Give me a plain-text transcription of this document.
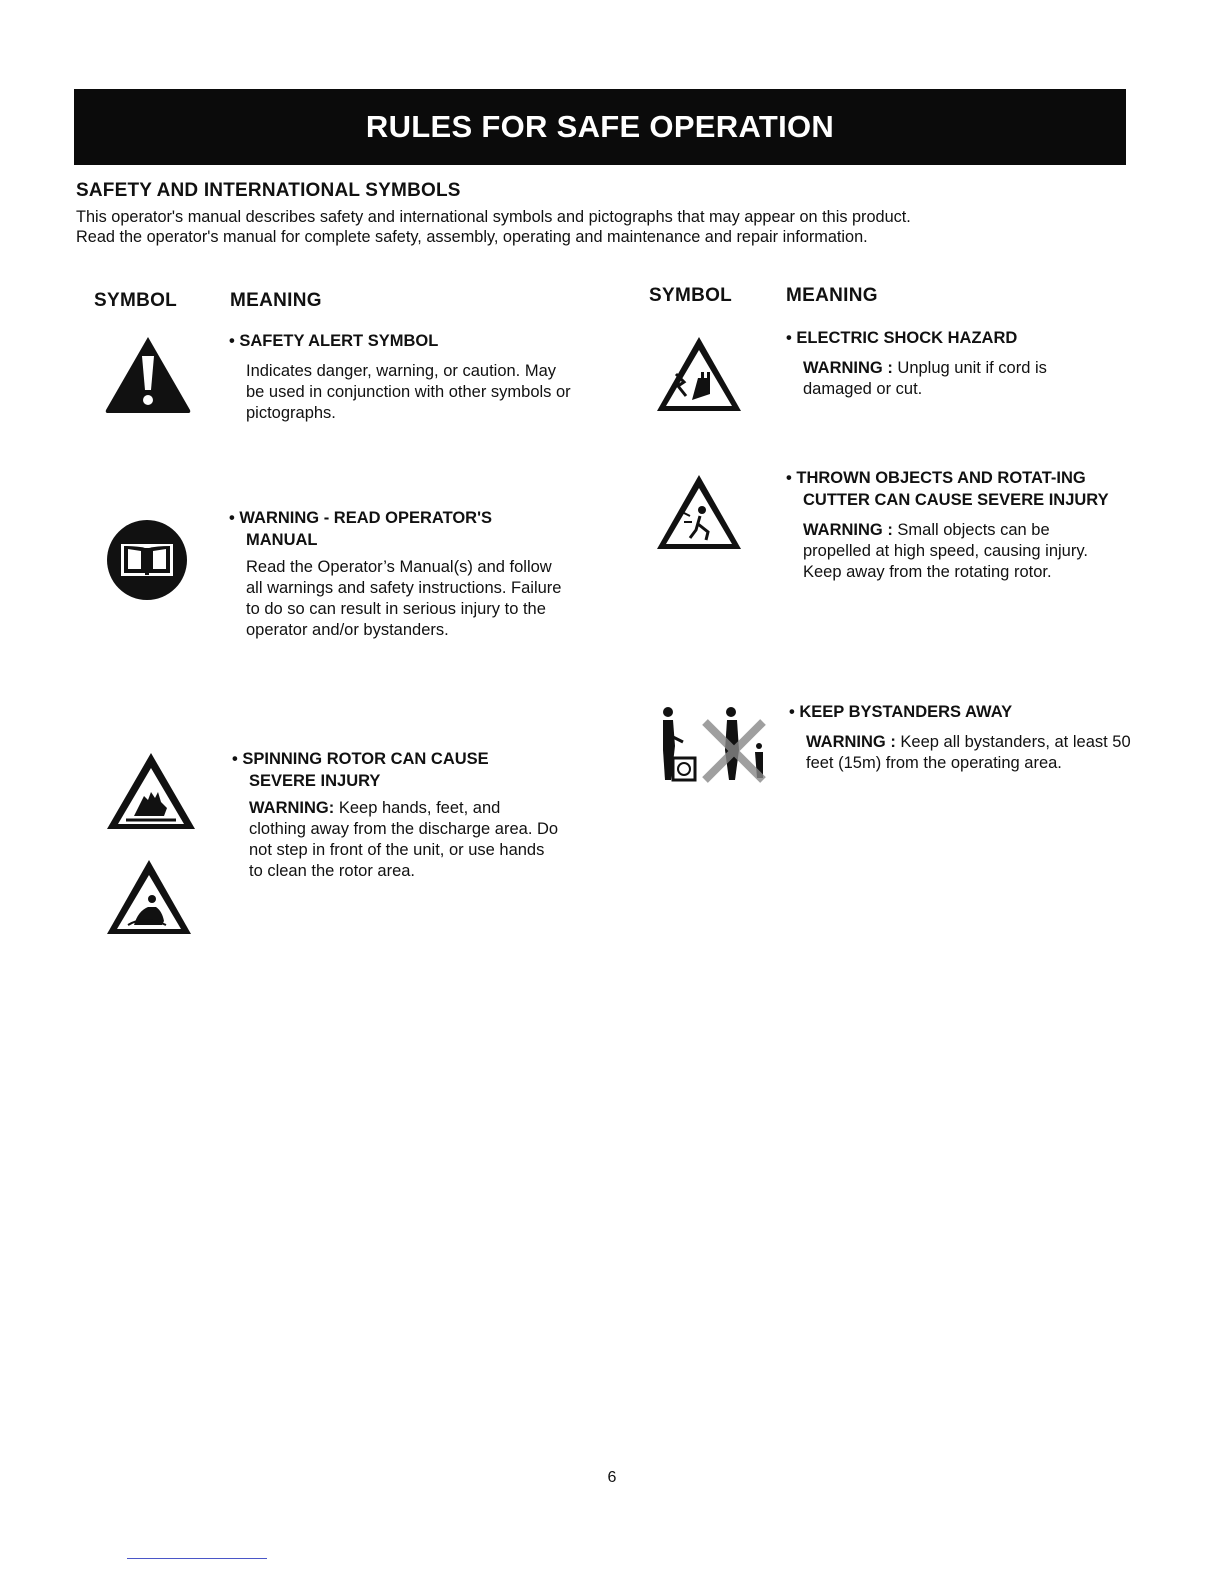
RULES FOR SAFE OPERATION
SAFETY AND INTERNATIONAL SYMBOLS

This operator's manual describes safety and international symbols and pictographs that may appear on this product.

Read the operator's manual for complete safety, assembly, operating and maintenance and repair information.

SYMBOL	MEANING	SYMBOL	MEANING

• SAFETY ALERT SYMBOL

Indicates danger, warning, or caution. May be used in conjunction with other symbols or pictographs.

• WARNING - READ OPERATOR'S MANUAL

Read the Operator’s Manual(s) and follow all warnings and safety instructions. Failure to do so can result in serious injury to the operator and/or bystanders.

• SPINNING ROTOR CAN CAUSE SEVERE INJURY

WARNING: Keep hands, feet, and clothing away from the discharge area. Do not step in front of the unit, or use hands to clean the rotor area.

• ELECTRIC SHOCK HAZARD

WARNING : Unplug unit if cord is damaged or cut.

• THROWN OBJECTS AND ROTAT-ING CUTTER CAN CAUSE SEVERE INJURY

WARNING : Small objects can be propelled at high speed, causing injury. Keep away from the rotating rotor.

• KEEP BYSTANDERS AWAY

WARNING : Keep all bystanders, at least 50 feet (15m) from the operating area.

6
